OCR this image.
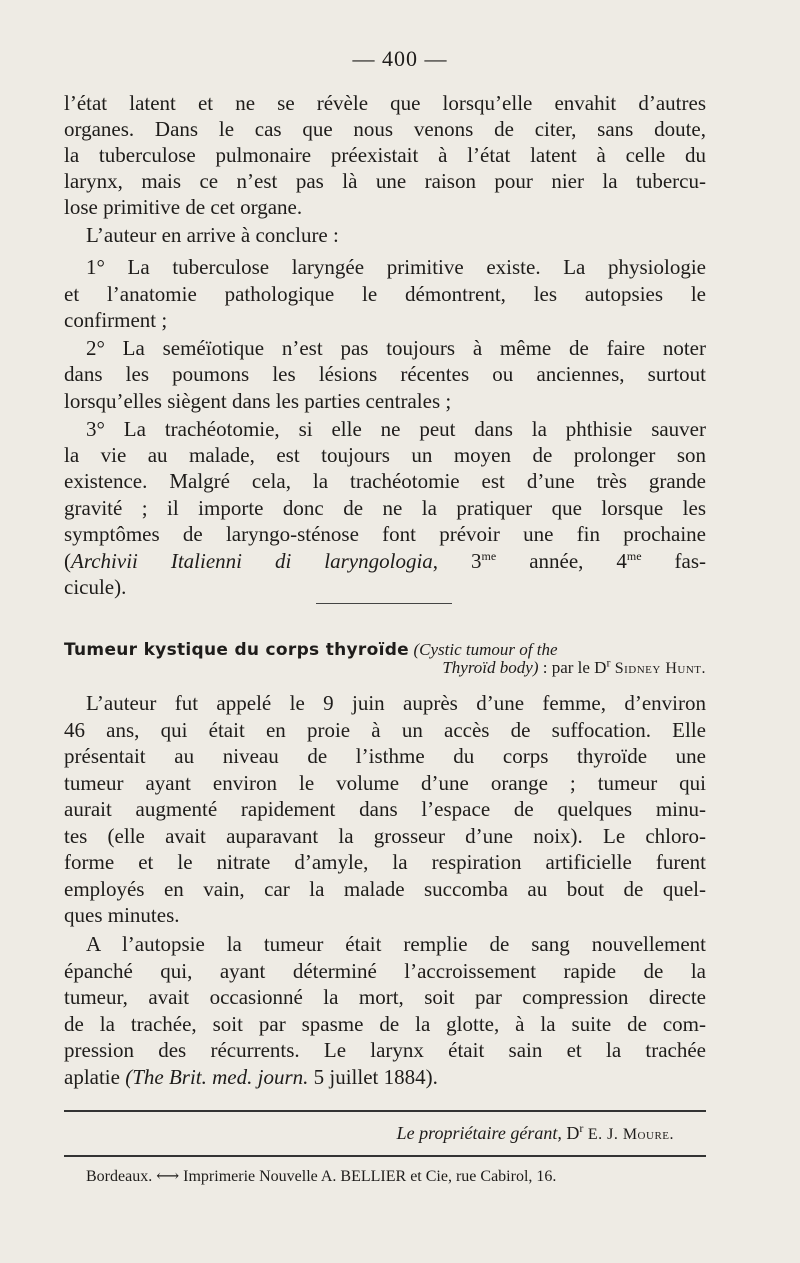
— 400 —
l’état latent et ne se révèle que lorsqu’elle envahit d’autres
organes. Dans le cas que nous venons de citer, sans doute,
la tuberculose pulmonaire préexistait à l’état latent à celle du
larynx, mais ce n’est pas là une raison pour nier la tubercu-
lose primitive de cet organe.
L’auteur en arrive à conclure :
1° La tuberculose laryngée primitive existe. La physiologie
et l’anatomie pathologique le démontrent, les autopsies le
confirment ;
2° La seméïotique n’est pas toujours à même de faire noter
dans les poumons les lésions récentes ou anciennes, surtout
lorsqu’elles siègent dans les parties centrales ;
3° La trachéotomie, si elle ne peut dans la phthisie sauver
la vie au malade, est toujours un moyen de prolonger son
existence. Malgré cela, la trachéotomie est d’une très grande
gravité ; il importe donc de ne la pratiquer que lorsque les
symptômes de laryngo-sténose font prévoir une fin prochaine
(Archivii Italienni di laryngologia, $3^{me}$ année, $4^{me}$ fas-
cicule).
Tumeur kystique du corps thyroïde (Cystic tumour of the
Thyroïd body) : par le $D^r$ Sidney Hunt.
L’auteur fut appelé le 9 juin auprès d’une femme, d’environ
46 ans, qui était en proie à un accès de suffocation. Elle
présentait au niveau de l’isthme du corps thyroïde une
tumeur ayant environ le volume d’une orange ; tumeur qui
aurait augmenté rapidement dans l’espace de quelques minu-
tes (elle avait auparavant la grosseur d’une noix). Le chloro-
forme et le nitrate d’amyle, la respiration artificielle furent
employés en vain, car la malade succomba au bout de quel-
ques minutes.
A l’autopsie la tumeur était remplie de sang nouvellement
épanché qui, ayant déterminé l’accroissement rapide de la
tumeur, avait occasionné la mort, soit par compression directe
de la trachée, soit par spasme de la glotte, à la suite de com-
pression des récurrents. Le larynx était sain et la trachée
aplatie (The Brit. med. journ. 5 juillet 1884).
Le propriétaire gérant, $D^r$ E. J. Moure.
Bordeaux. ⟷ Imprimerie Nouvelle A. BELLIER et Cie, rue Cabirol, 16.
